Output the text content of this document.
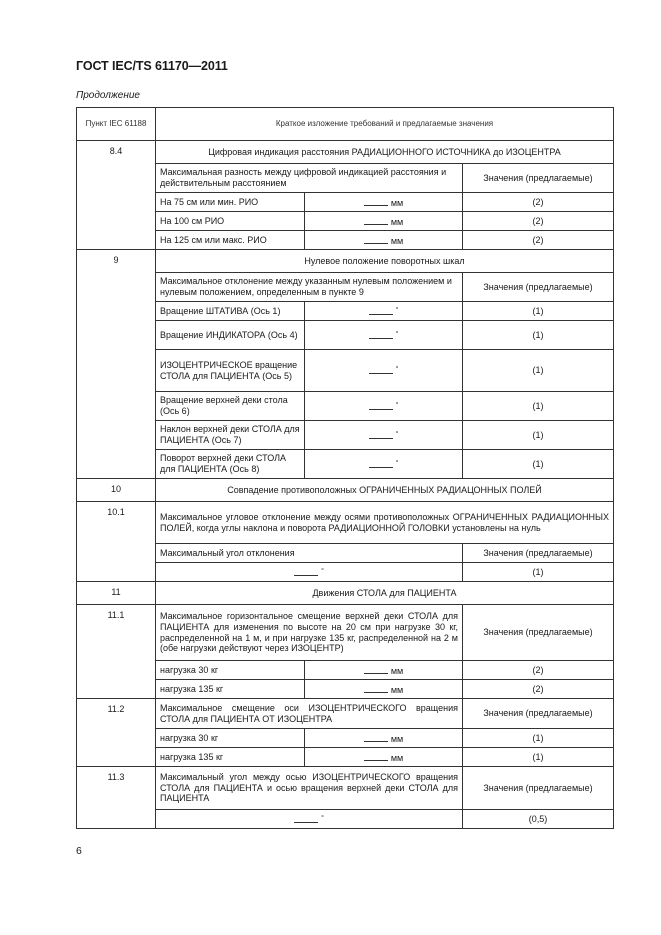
ГОСТ IEC/TS 61170—2011
Продолжение
Пункт IEC 61188	Краткое изложение требований и предлагаемые значения		
8.4	Цифровая индикация расстояния РАДИАЦИОННОГО ИСТОЧНИКА до ИЗОЦЕНТРА		
	Максимальная разность между цифровой индикацией расстояния и действительным расстоянием		Значения (предлагаемые)
	На 75 см или мин. РИО	мм	(2)
	На 100 см РИО	мм	(2)
	На 125 см или макс. РИО	мм	(2)
9	Нулевое положение поворотных шкал		
	Максимальное отклонение между указанным нулевым положением и нулевым положением, определенным в пункте 9		Значения (предлагаемые)
	Вращение ШТАТИВА (Ось 1)	°	(1)
	Вращение ИНДИКАТОРА (Ось 4)	°	(1)
	ИЗОЦЕНТРИЧЕСКОЕ вращение СТОЛА для ПАЦИЕНТА (Ось 5)	°	(1)
	Вращение верхней деки стола (Ось 6)	°	(1)
	Наклон верхней деки СТОЛА для ПАЦИЕНТА (Ось 7)	°	(1)
	Поворот верхней деки СТОЛА для ПАЦИЕНТА (Ось 8)	°	(1)
10	Совпадение противоположных ОГРАНИЧЕННЫХ РАДИАЦОННЫХ ПОЛЕЙ		
10.1	Максимальное угловое отклонение между осями противоположных ОГРАНИЧЕННЫХ РАДИАЦИОННЫХ ПОЛЕЙ, когда углы наклона и поворота РАДИАЦИОННОЙ ГОЛОВКИ установлены на нуль		
	Максимальный угол отклонения		Значения (предлагаемые)
	°		(1)
11	Движения СТОЛА для ПАЦИЕНТА		
11.1	Максимальное горизонтальное смещение верхней деки СТОЛА для ПАЦИЕНТА для изменения по высоте на 20 см при нагрузке 30 кг, распределенной на 1 м, и при нагрузке 135 кг, распределенной на 2 м (обе нагрузки действуют через ИЗОЦЕНТР)		Значения (предлагаемые)
	нагрузка 30 кг	мм	(2)
	нагрузка 135 кг	мм	(2)
11.2	Максимальное смещение оси ИЗОЦЕНТРИЧЕСКОГО вращения СТОЛА для ПАЦИЕНТА ОТ ИЗОЦЕНТРА		Значения (предлагаемые)
	нагрузка 30 кг	мм	(1)
	нагрузка 135 кг	мм	(1)
11.3	Максимальный угол между осью ИЗОЦЕНТРИЧЕСКОГО вращения СТОЛА для ПАЦИЕНТА и осью вращения верхней деки СТОЛА для ПАЦИЕНТА		Значения (предлагаемые)
	°		(0,5)
6
